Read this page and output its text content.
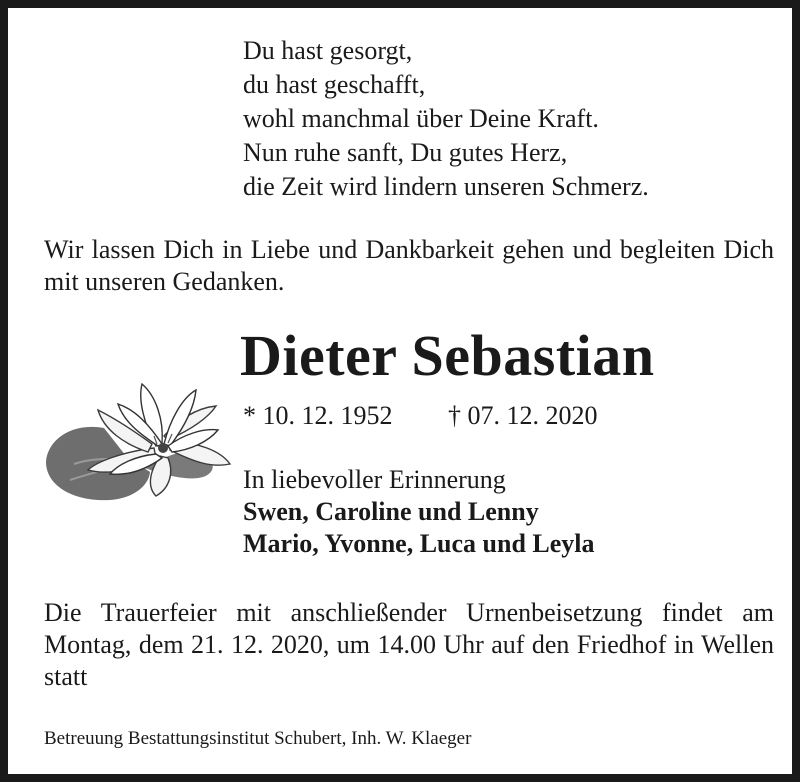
Du hast gesorgt,
du hast geschafft,
wohl manchmal über Deine Kraft.
Nun ruhe sanft, Du gutes Herz,
die Zeit wird lindern unseren Schmerz.
Wir lassen Dich in Liebe und Dankbarkeit gehen und begleiten Dich mit unseren Gedanken.
Dieter Sebastian
* 10. 12. 1952 † 07. 12. 2020
In liebevoller Erinnerung
Swen, Caroline und Lenny
Mario, Yvonne, Luca und Leyla
Die Trauerfeier mit anschließender Urnenbeisetzung findet am Montag, dem 21. 12. 2020, um 14.00 Uhr auf den Friedhof in Wellen statt
Betreuung Bestattungsinstitut Schubert, Inh. W. Klaeger
